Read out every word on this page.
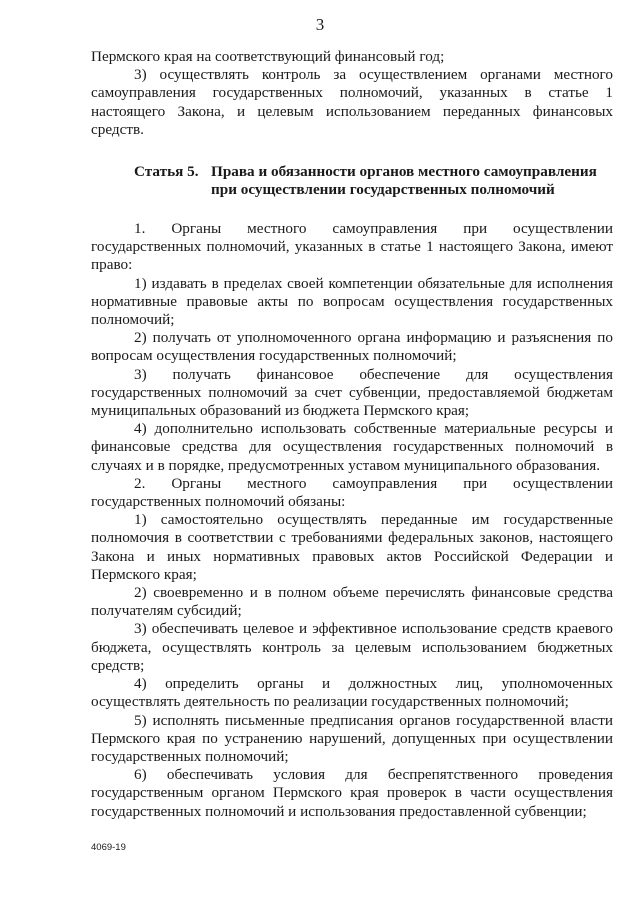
3

Пермского края на соответствующий финансовый год;

3) осуществлять контроль за осуществлением органами местного самоуправления государственных полномочий, указанных в статье 1 настоящего Закона, и целевым использованием переданных финансовых средств.

Статья 5. Права и обязанности органов местного самоуправления
при осуществлении государственных полномочий

1. Органы местного самоуправления при осуществлении государственных полномочий, указанных в статье 1 настоящего Закона, имеют право:

1) издавать в пределах своей компетенции обязательные для исполнения нормативные правовые акты по вопросам осуществления государственных полномочий;

2) получать от уполномоченного органа информацию и разъяснения по вопросам осуществления государственных полномочий;

3) получать финансовое обеспечение для осуществления государственных полномочий за счет субвенции, предоставляемой бюджетам муниципальных образований из бюджета Пермского края;

4) дополнительно использовать собственные материальные ресурсы и финансовые средства для осуществления государственных полномочий в случаях и в порядке, предусмотренных уставом муниципального образования.

2. Органы местного самоуправления при осуществлении государственных полномочий обязаны:

1) самостоятельно осуществлять переданные им государственные полномочия в соответствии с требованиями федеральных законов, настоящего Закона и иных нормативных правовых актов Российской Федерации и Пермского края;

2) своевременно и в полном объеме перечислять финансовые средства получателям субсидий;

3) обеспечивать целевое и эффективное использование средств краевого бюджета, осуществлять контроль за целевым использованием бюджетных средств;

4) определить органы и должностных лиц, уполномоченных осуществлять деятельность по реализации государственных полномочий;

5) исполнять письменные предписания органов государственной власти Пермского края по устранению нарушений, допущенных при осуществлении государственных полномочий;

6) обеспечивать условия для беспрепятственного проведения государственным органом Пермского края проверок в части осуществления государственных полномочий и использования предоставленной субвенции;

4069-19
